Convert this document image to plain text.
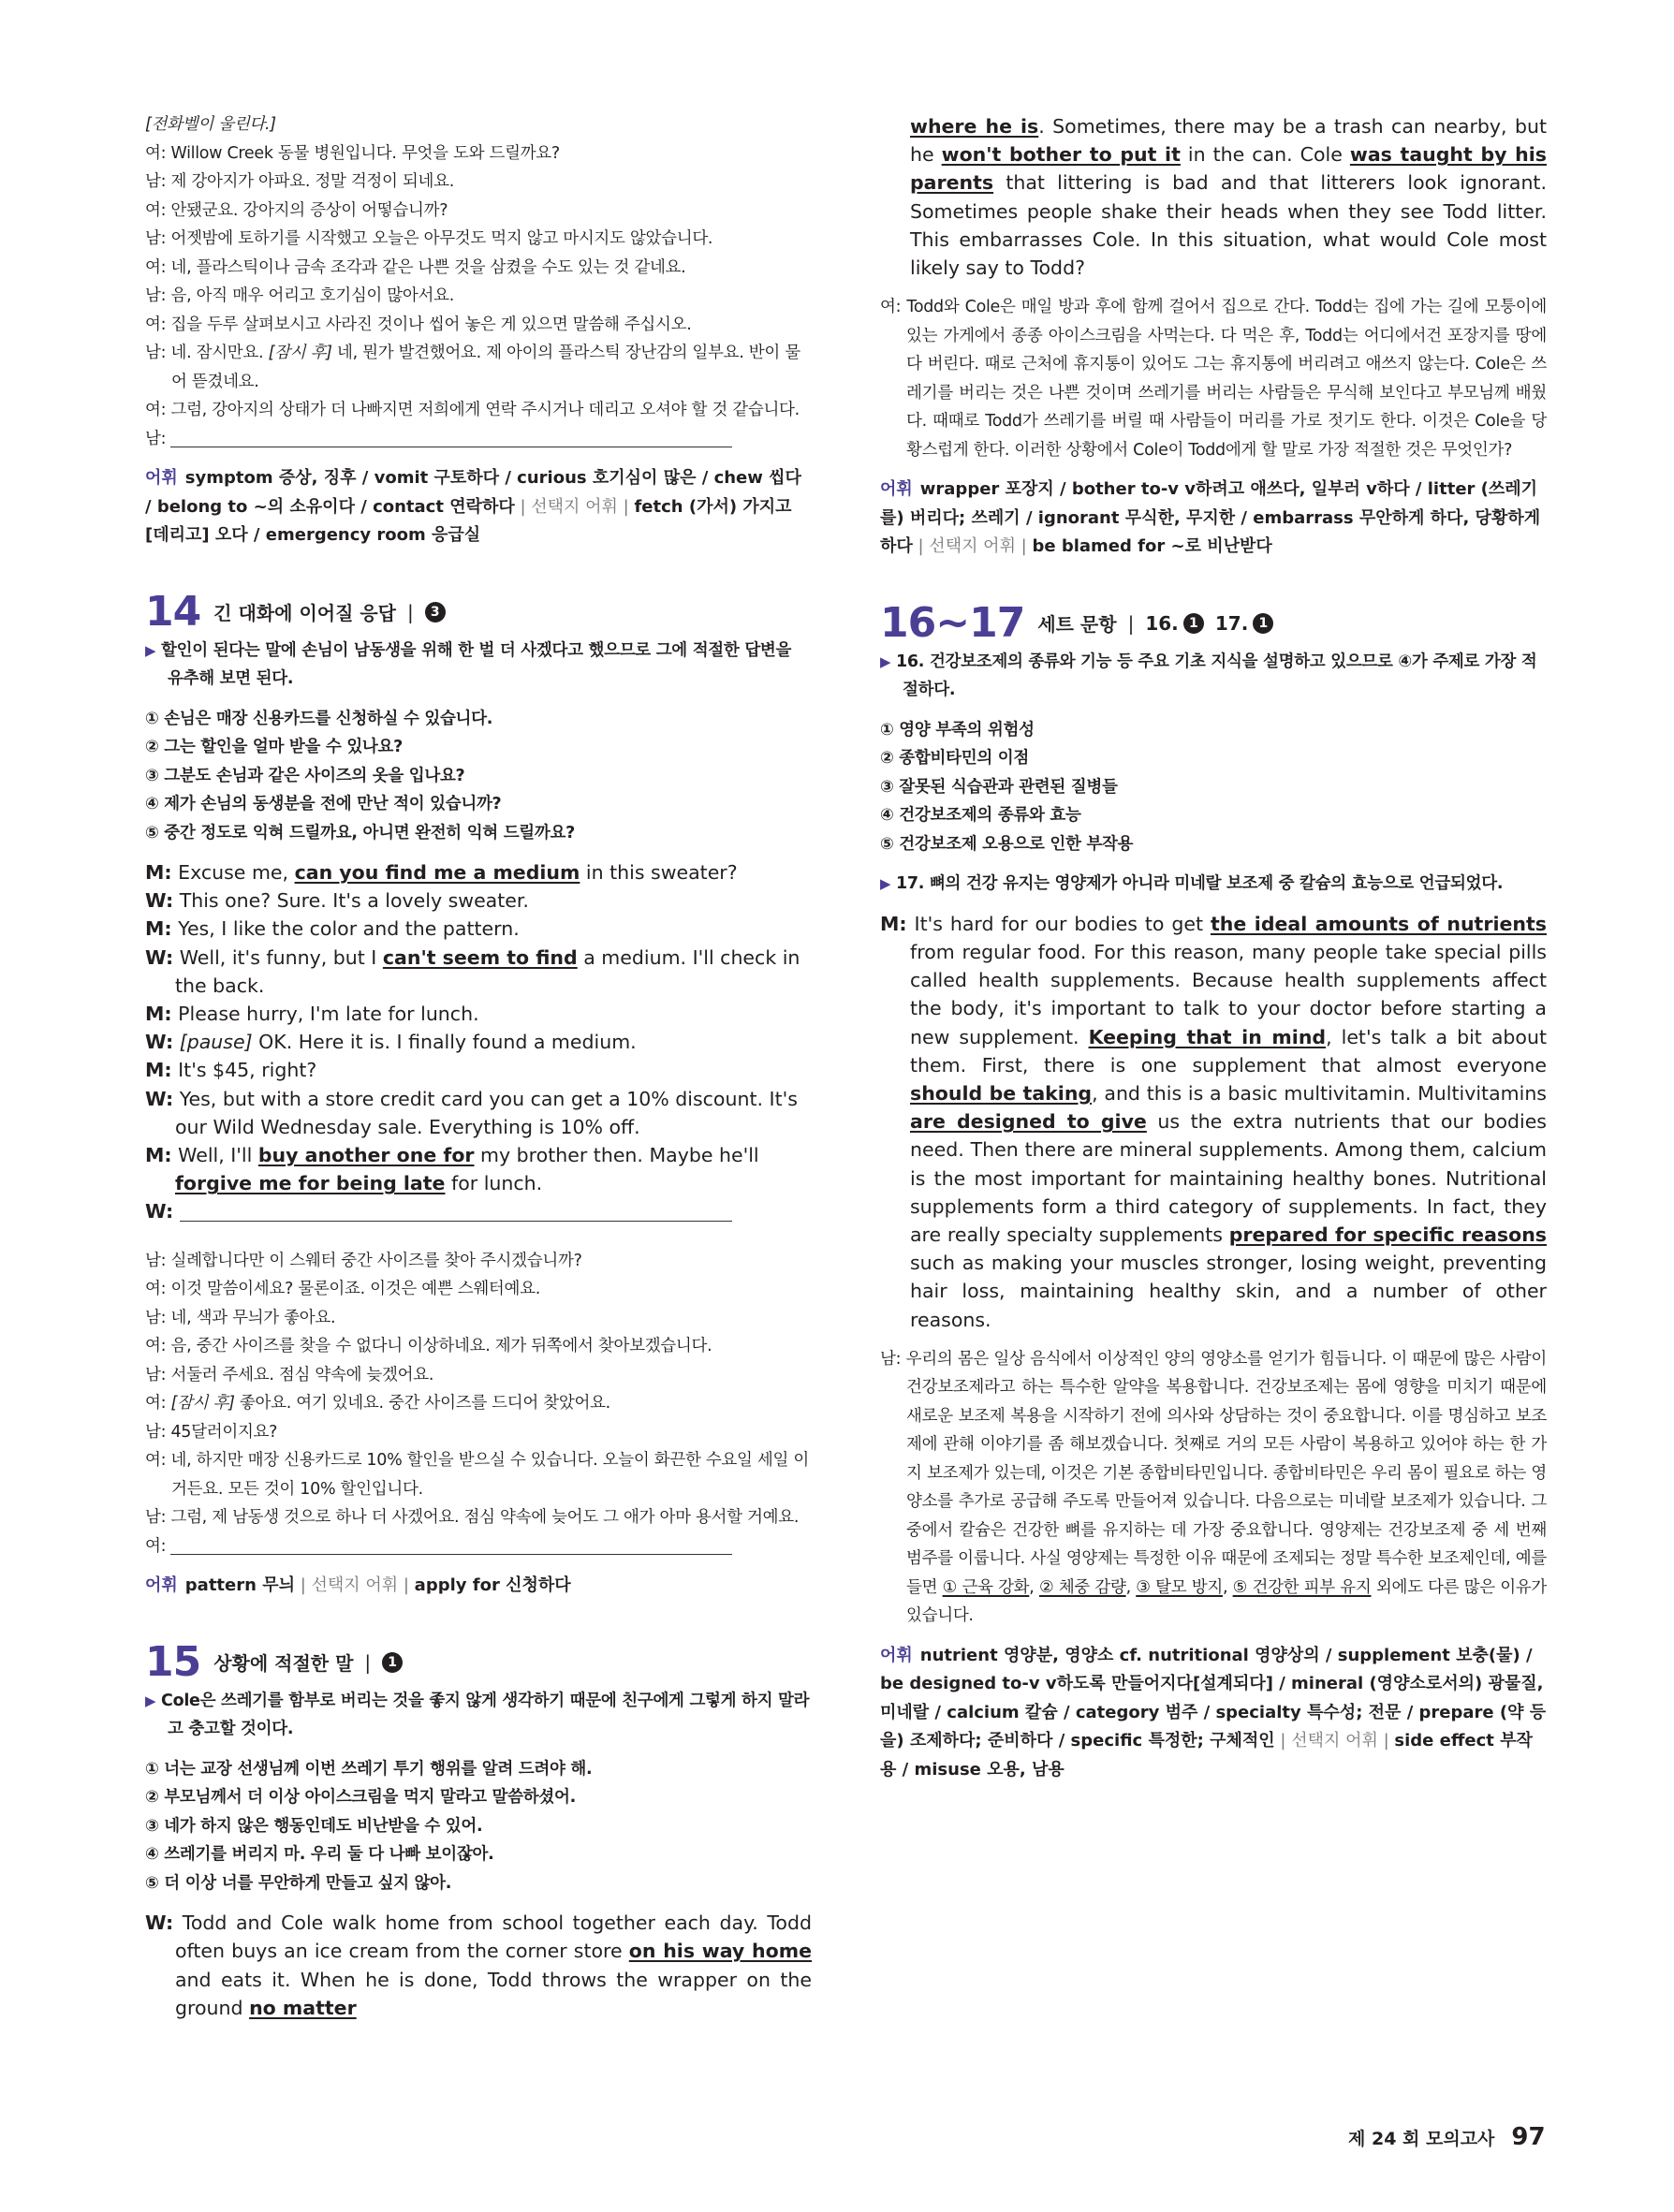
[전화벨이 울린다.]

여: Willow Creek 동물 병원입니다. 무엇을 도와 드릴까요?

남: 제 강아지가 아파요. 정말 걱정이 되네요.

여: 안됐군요. 강아지의 증상이 어떻습니까?

남: 어젯밤에 토하기를 시작했고 오늘은 아무것도 먹지 않고 마시지도 않았습니다.

여: 네, 플라스틱이나 금속 조각과 같은 나쁜 것을 삼켰을 수도 있는 것 같네요.

남: 음, 아직 매우 어리고 호기심이 많아서요.

여: 집을 두루 살펴보시고 사라진 것이나 씹어 놓은 게 있으면 말씀해 주십시오.

남: 네. 잠시만요. [잠시 후] 네, 뭔가 발견했어요. 제 아이의 플라스틱 장난감의 일부요. 반이 물어 뜯겼네요.

여: 그럼, 강아지의 상태가 더 나빠지면 저희에게 연락 주시거나 데리고 오셔야 할 것 같습니다.

남:

어휘 symptom 증상, 징후 / vomit 구토하다 / curious 호기심이 많은 / chew 씹다 / belong to ~의 소유이다 / contact 연락하다 | 선택지 어휘 | fetch (가서) 가지고[데리고] 오다 / emergency room 응급실

14 긴 대화에 이어질 응답 |	3

▶ 할인이 된다는 말에 손님이 남동생을 위해 한 벌 더 사겠다고 했으므로 그에 적절한 답변을 유추해 보면 된다.

① 손님은 매장 신용카드를 신청하실 수 있습니다.

② 그는 할인을 얼마 받을 수 있나요?

③ 그분도 손님과 같은 사이즈의 옷을 입나요?

④ 제가 손님의 동생분을 전에 만난 적이 있습니까?

⑤ 중간 정도로 익혀 드릴까요, 아니면 완전히 익혀 드릴까요?

M: Excuse me, can you find me a medium in this sweater?

W: This one? Sure. It's a lovely sweater.

M: Yes, I like the color and the pattern.

W: Well, it's funny, but I can't seem to find a medium. I'll check in the back.

M: Please hurry, I'm late for lunch.

W: [pause] OK. Here it is. I finally found a medium.

M: It's $45, right?

W: Yes, but with a store credit card you can get a 10% discount. It's our Wild Wednesday sale. Everything is 10% off.

M: Well, I'll buy another one for my brother then. Maybe he'll forgive me for being late for lunch.

W:

남: 실례합니다만 이 스웨터 중간 사이즈를 찾아 주시겠습니까?

여: 이것 말씀이세요? 물론이죠. 이것은 예쁜 스웨터예요.

남: 네, 색과 무늬가 좋아요.

여: 음, 중간 사이즈를 찾을 수 없다니 이상하네요. 제가 뒤쪽에서 찾아보겠습니다.

남: 서둘러 주세요. 점심 약속에 늦겠어요.

여: [잠시 후] 좋아요. 여기 있네요. 중간 사이즈를 드디어 찾았어요.

남: 45달러이지요?

여: 네, 하지만 매장 신용카드로 10% 할인을 받으실 수 있습니다. 오늘이 화끈한 수요일 세일 이거든요. 모든 것이 10% 할인입니다.

남: 그럼, 제 남동생 것으로 하나 더 사겠어요. 점심 약속에 늦어도 그 애가 아마 용서할 거예요.

여:

어휘 pattern 무늬 | 선택지 어휘 | apply for 신청하다

15 상황에 적절한 말 |	1

▶ Cole은 쓰레기를 함부로 버리는 것을 좋지 않게 생각하기 때문에 친구에게 그렇게 하지 말라고 충고할 것이다.

① 너는 교장 선생님께 이번 쓰레기 투기 행위를 알려 드려야 해.

② 부모님께서 더 이상 아이스크림을 먹지 말라고 말씀하셨어.

③ 네가 하지 않은 행동인데도 비난받을 수 있어.

④ 쓰레기를 버리지 마. 우리 둘 다 나빠 보이잖아.

⑤ 더 이상 너를 무안하게 만들고 싶지 않아.

W: Todd and Cole walk home from school together each day. Todd often buys an ice cream from the corner store on his way home and eats it. When he is done, Todd throws the wrapper on the ground no matter

where he is. Sometimes, there may be a trash can nearby, but he won't bother to put it in the can. Cole was taught by his parents that littering is bad and that litterers look ignorant. Sometimes people shake their heads when they see Todd litter. This embarrasses Cole. In this situation, what would Cole most likely say to Todd?

여: Todd와 Cole은 매일 방과 후에 함께 걸어서 집으로 간다. Todd는 집에 가는 길에 모퉁이에 있는 가게에서 종종 아이스크림을 사먹는다. 다 먹은 후, Todd는 어디에서건 포장지를 땅에다 버린다. 때로 근처에 휴지통이 있어도 그는 휴지통에 버리려고 애쓰지 않는다. Cole은 쓰레기를 버리는 것은 나쁜 것이며 쓰레기를 버리는 사람들은 무식해 보인다고 부모님께 배웠다. 때때로 Todd가 쓰레기를 버릴 때 사람들이 머리를 가로 젓기도 한다. 이것은 Cole을 당황스럽게 한다. 이러한 상황에서 Cole이 Todd에게 할 말로 가장 적절한 것은 무엇인가?

어휘 wrapper 포장지 / bother to-v v하려고 애쓰다, 일부러 v하다 / litter (쓰레기를) 버리다; 쓰레기 / ignorant 무식한, 무지한 / embarrass 무안하게 하다, 당황하게 하다 | 선택지 어휘 | be blamed for ~로 비난받다

16~17 세트 문항 | 16.
1 17.
1

▶ 16. 건강보조제의 종류와 기능 등 주요 기초 지식을 설명하고 있으므로 ④가 주제로 가장 적절하다.

① 영양 부족의 위험성

② 종합비타민의 이점

③ 잘못된 식습관과 관련된 질병들

④ 건강보조제의 종류와 효능

⑤ 건강보조제 오용으로 인한 부작용

▶ 17. 뼈의 건강 유지는 영양제가 아니라 미네랄 보조제 중 칼슘의 효능으로 언급되었다.

M: It's hard for our bodies to get the ideal amounts of nutrients from regular food. For this reason, many people take special pills called health supplements. Because health supplements affect the body, it's important to talk to your doctor before starting a new supplement. Keeping that in mind, let's talk a bit about them. First, there is one supplement that almost everyone should be taking, and this is a basic multivitamin. Multivitamins are designed to give us the extra nutrients that our bodies need. Then there are mineral supplements. Among them, calcium is the most important for maintaining healthy bones. Nutritional supplements form a third category of supplements. In fact, they are really specialty supplements prepared for specific reasons such as making your muscles stronger, losing weight, preventing hair loss, maintaining healthy skin, and a number of other reasons.

남: 우리의 몸은 일상 음식에서 이상적인 양의 영양소를 얻기가 힘듭니다. 이 때문에 많은 사람이 건강보조제라고 하는 특수한 알약을 복용합니다. 건강보조제는 몸에 영향을 미치기 때문에 새로운 보조제 복용을 시작하기 전에 의사와 상담하는 것이 중요합니다. 이를 명심하고 보조제에 관해 이야기를 좀 해보겠습니다. 첫째로 거의 모든 사람이 복용하고 있어야 하는 한 가지 보조제가 있는데, 이것은 기본 종합비타민입니다. 종합비타민은 우리 몸이 필요로 하는 영양소를 추가로 공급해 주도록 만들어져 있습니다. 다음으로는 미네랄 보조제가 있습니다. 그중에서 칼슘은 건강한 뼈를 유지하는 데 가장 중요합니다. 영양제는 건강보조제 중 세 번째 범주를 이룹니다. 사실 영양제는 특정한 이유 때문에 조제되는 정말 특수한 보조제인데, 예를 들면 ① 근육 강화, ② 체중 감량, ③ 탈모 방지, ⑤ 건강한 피부 유지 외에도 다른 많은 이유가 있습니다.

어휘 nutrient 영양분, 영양소 cf. nutritional 영양상의 / supplement 보충(물) / be designed to-v v하도록 만들어지다[설계되다] / mineral (영양소로서의) 광물질, 미네랄 / calcium 칼슘 / category 범주 / specialty 특수성; 전문 / prepare (약 등을) 조제하다; 준비하다 / specific 특정한; 구체적인 | 선택지 어휘 | side effect 부작용 / misuse 오용, 남용

제 24 회 모의고사 97
